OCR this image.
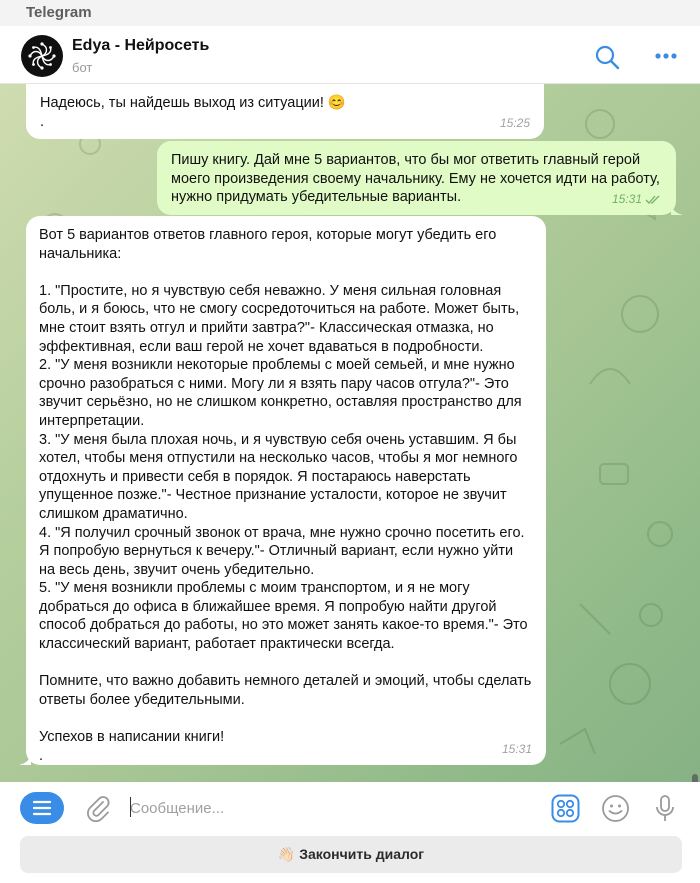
Telegram
Edya - Нейросеть
бот
Надеюсь, ты найдешь выход из ситуации! 😊
.	15:25
Пишу книгу. Дай мне 5 вариантов, что бы мог ответить главный герой моего произведения своему начальнику. Ему не хочется идти на работу, нужно придумать убедительные варианты.	15:31
Вот 5 вариантов ответов главного героя, которые могут убедить его начальника:

1. "Простите, но я чувствую себя неважно. У меня сильная головная боль, и я боюсь, что не смогу сосредоточиться на работе. Может быть, мне стоит взять отгул и прийти завтра?"- Классическая отмазка, но эффективная, если ваш герой не хочет вдаваться в подробности.
2. "У меня возникли некоторые проблемы с моей семьей, и мне нужно срочно разобраться с ними. Могу ли я взять пару часов отгула?"- Это звучит серьёзно, но не слишком конкретно, оставляя пространство для интерпретации.
3. "У меня была плохая ночь, и я чувствую себя очень уставшим. Я бы хотел, чтобы меня отпустили на несколько часов, чтобы я мог немного отдохнуть и привести себя в порядок. Я постараюсь наверстать упущенное позже."- Честное признание усталости, которое не звучит слишком драматично.
4. "Я получил срочный звонок от врача, мне нужно срочно посетить его. Я попробую вернуться к вечеру."- Отличный вариант, если нужно уйти на весь день, звучит очень убедительно.
5. "У меня возникли проблемы с моим транспортом, и я не могу добраться до офиса в ближайшее время. Я попробую найти другой способ добраться до работы, но это может занять какое-то время."- Это классический вариант, работает практически всегда.

Помните, что важно добавить немного деталей и эмоций, чтобы сделать ответы более убедительными.

Успехов в написании книги!
.	15:31
Сообщение...
👋🏻 Закончить диалог
